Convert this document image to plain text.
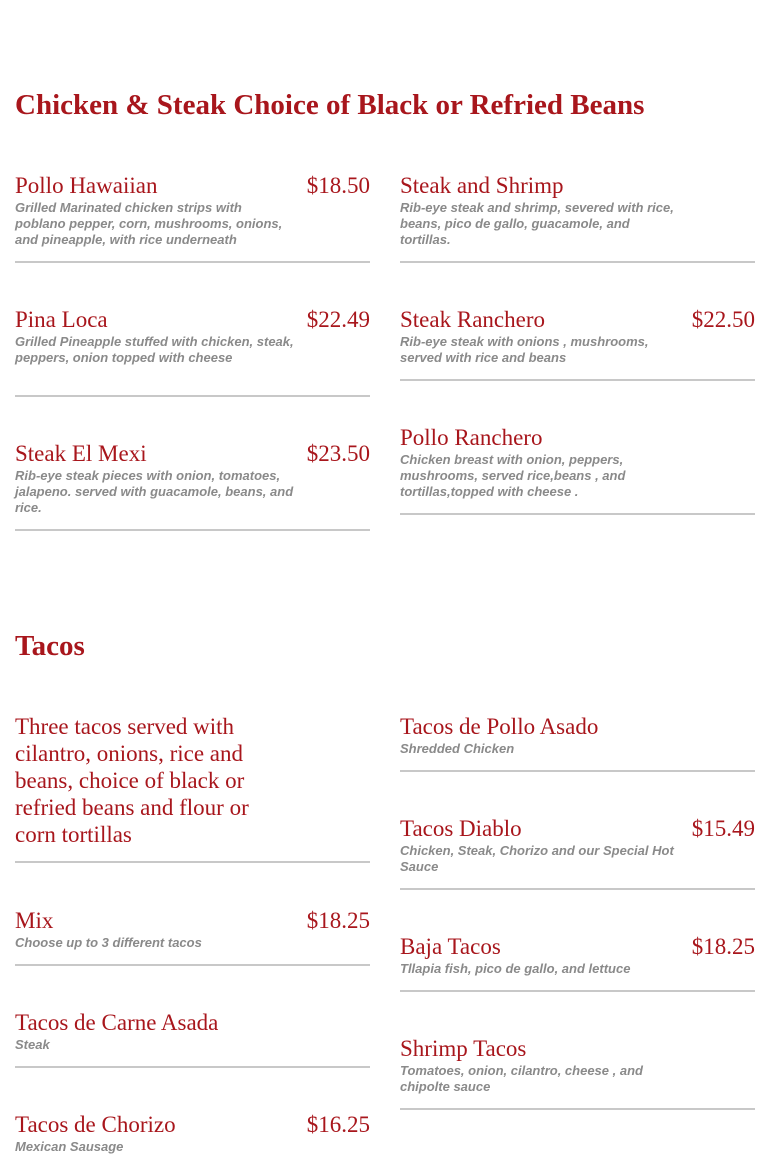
Chicken & Steak Choice of Black or Refried Beans
Pollo Hawaiian	$18.50
Grilled Marinated chicken strips with poblano pepper, corn, mushrooms, onions, and pineapple, with rice underneath
Pina Loca	$22.49
Grilled Pineapple stuffed with chicken, steak, peppers, onion topped with cheese
Steak El Mexi	$23.50
Rib-eye steak pieces with onion, tomatoes, jalapeno. served with guacamole, beans, and rice.
Steak and Shrimp
Rib-eye steak and shrimp, severed with rice, beans, pico de gallo, guacamole, and tortillas.
Steak Ranchero	$22.50
Rib-eye steak with onions , mushrooms, served with rice and beans
Pollo Ranchero
Chicken breast with onion, peppers, mushrooms, served rice,beans , and tortillas,topped with cheese .
Tacos
Three tacos served with cilantro, onions, rice and beans, choice of black or refried beans and flour or corn tortillas
Mix	$18.25
Choose up to 3 different tacos
Tacos de Carne Asada
Steak
Tacos de Chorizo	$16.25
Mexican Sausage
Tacos de Pollo Asado
Shredded Chicken
Tacos Diablo	$15.49
Chicken, Steak, Chorizo and our Special Hot Sauce
Baja Tacos	$18.25
Tllapia fish, pico de gallo, and lettuce
Shrimp Tacos
Tomatoes, onion, cilantro, cheese , and chipolte sauce
